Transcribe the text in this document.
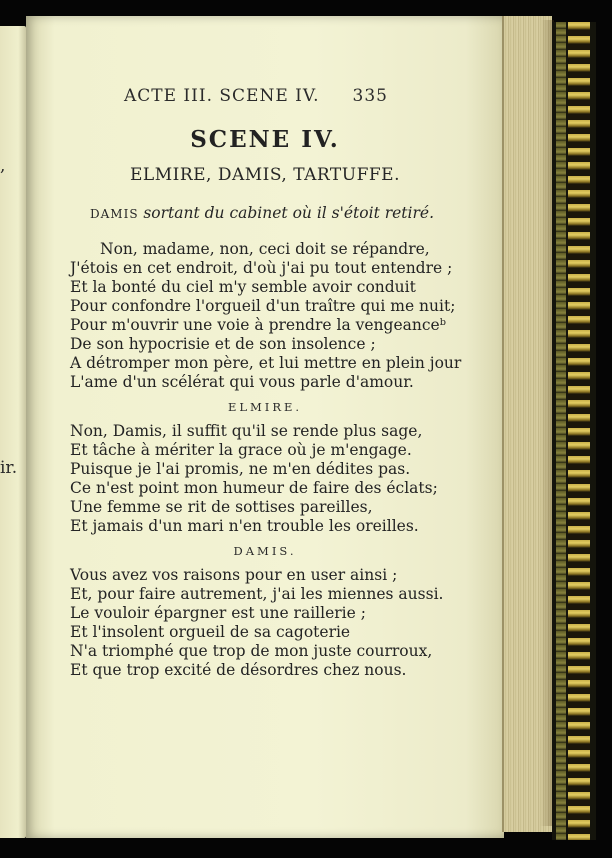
,
ir.
ACTE III. SCENE IV. 335
SCENE IV.
ELMIRE, DAMIS, TARTUFFE.
DAMIS sortant du cabinet où il s'étoit retiré.
Non, madame, non, ceci doit se répandre,
J'étois en cet endroit, d'où j'ai pu tout entendre ;
Et la bonté du ciel m'y semble avoir conduit
Pour confondre l'orgueil d'un traître qui me nuit;
Pour m'ouvrir une voie à prendre la vengeanceᵇ
De son hypocrisie et de son insolence ;
A détromper mon père, et lui mettre en plein jour
L'ame d'un scélérat qui vous parle d'amour.
ELMIRE.
Non, Damis, il suffit qu'il se rende plus sage,
Et tâche à mériter la grace où je m'engage.
Puisque je l'ai promis, ne m'en dédites pas.
Ce n'est point mon humeur de faire des éclats;
Une femme se rit de sottises pareilles,
Et jamais d'un mari n'en trouble les oreilles.
DAMIS.
Vous avez vos raisons pour en user ainsi ;
Et, pour faire autrement, j'ai les miennes aussi.
Le vouloir épargner est une raillerie ;
Et l'insolent orgueil de sa cagoterie
N'a triomphé que trop de mon juste courroux,
Et que trop excité de désordres chez nous.
